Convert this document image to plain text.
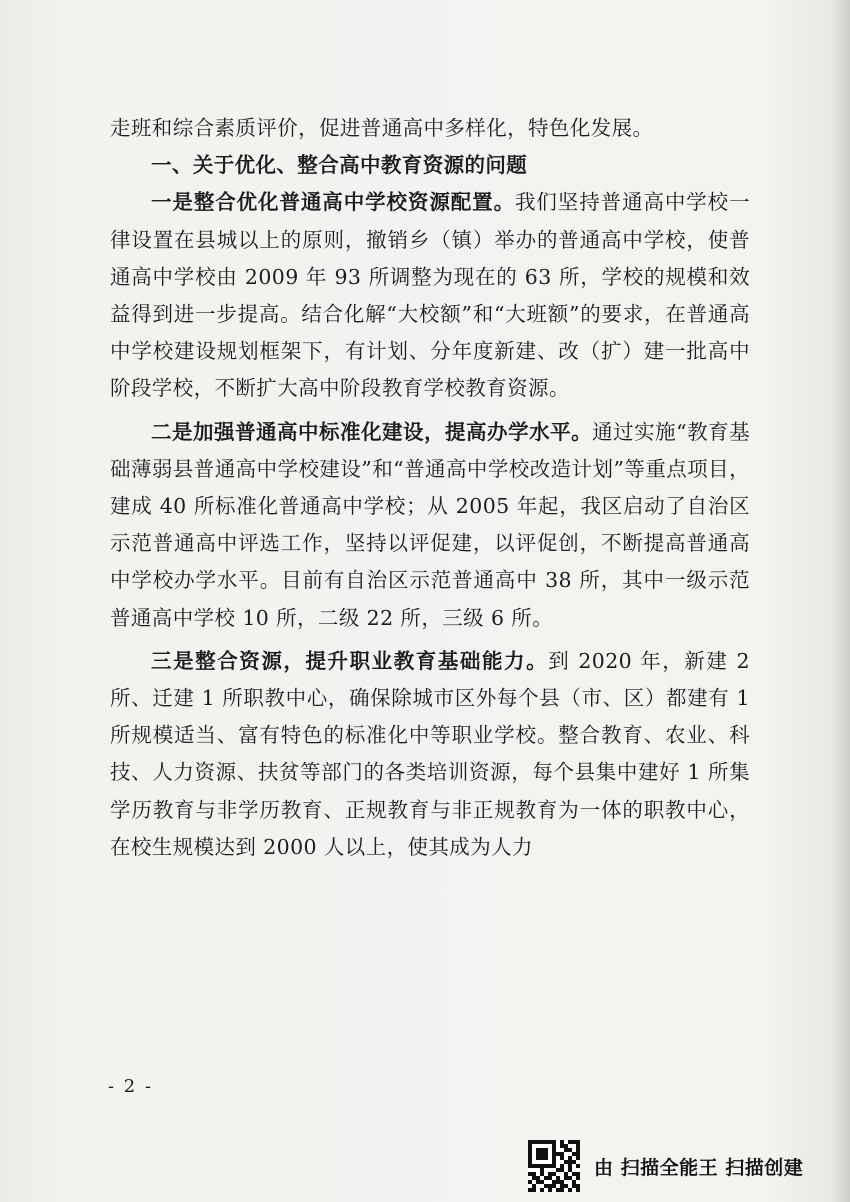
走班和综合素质评价，促进普通高中多样化，特色化发展。

一、关于优化、整合高中教育资源的问题

一是整合优化普通高中学校资源配置。我们坚持普通高中学校一律设置在县城以上的原则，撤销乡（镇）举办的普通高中学校，使普通高中学校由 2009 年 93 所调整为现在的 63 所，学校的规模和效益得到进一步提高。结合化解“大校额”和“大班额”的要求，在普通高中学校建设规划框架下，有计划、分年度新建、改（扩）建一批高中阶段学校，不断扩大高中阶段教育学校教育资源。

二是加强普通高中标准化建设，提高办学水平。通过实施“教育基础薄弱县普通高中学校建设”和“普通高中学校改造计划”等重点项目，建成 40 所标准化普通高中学校；从 2005 年起，我区启动了自治区示范普通高中评选工作，坚持以评促建，以评促创，不断提高普通高中学校办学水平。目前有自治区示范普通高中 38 所，其中一级示范普通高中学校 10 所，二级 22 所，三级 6 所。

三是整合资源，提升职业教育基础能力。到 2020 年，新建 2 所、迁建 1 所职教中心，确保除城市区外每个县（市、区）都建有 1 所规模适当、富有特色的标准化中等职业学校。整合教育、农业、科技、人力资源、扶贫等部门的各类培训资源，每个县集中建好 1 所集学历教育与非学历教育、正规教育与非正规教育为一体的职教中心，在校生规模达到 2000 人以上，使其成为人力

- 2 -
由 扫描全能王 扫描创建
